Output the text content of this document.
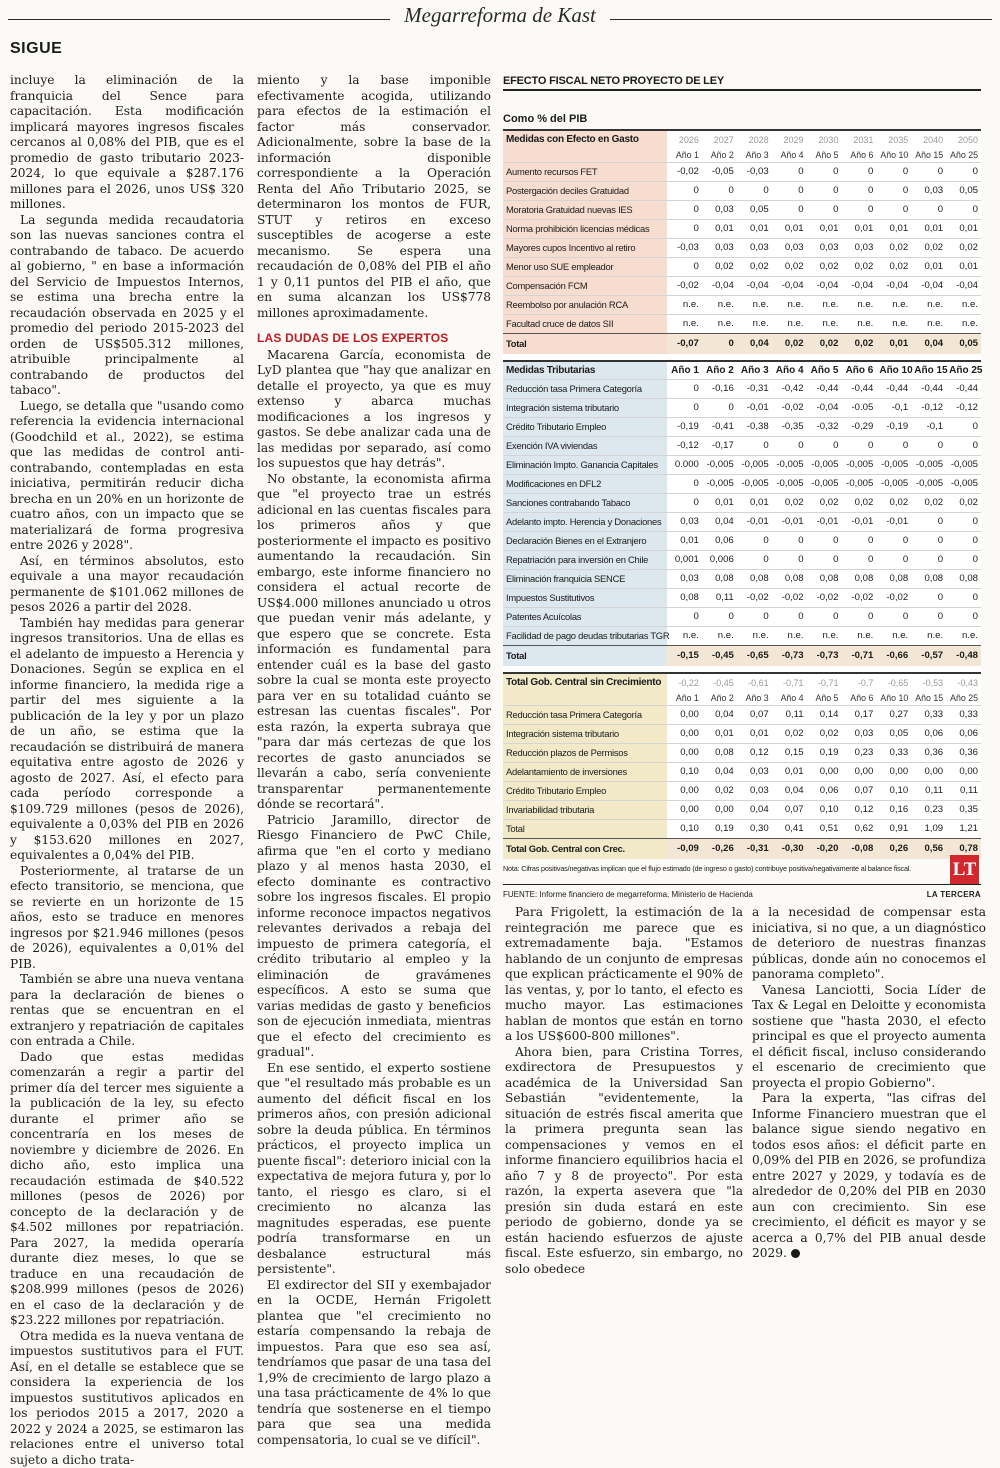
Megarreforma de Kast
SIGUE

incluye la eliminación de la franquicia del Sence para capacitación. Esta modificación implicará mayores ingresos fiscales cercanos al 0,08% del PIB, que es el promedio de gasto tributario 2023-2024, lo que equivale a $287.176 millones para el 2026, unos US$ 320 millones.

La segunda medida recaudatoria son las nuevas sanciones contra el contrabando de tabaco. De acuerdo al gobierno, " en base a información del Servicio de Impuestos Internos, se estima una brecha entre la recaudación observada en 2025 y el promedio del periodo 2015-2023 del orden de US$505.312 millones, atribuible principalmente al contrabando de productos del tabaco".

Luego, se detalla que "usando como referencia la evidencia internacional (Goodchild et al., 2022), se estima que las medidas de control anti-contrabando, contempladas en esta iniciativa, permitirán reducir dicha brecha en un 20% en un horizonte de cuatro años, con un impacto que se materializará de forma progresiva entre 2026 y 2028".

Así, en términos absolutos, esto equivale a una mayor recaudación permanente de $101.062 millones de pesos 2026 a partir del 2028.

También hay medidas para generar ingresos transitorios. Una de ellas es el adelanto de impuesto a Herencia y Donaciones. Según se explica en el informe financiero, la medida rige a partir del mes siguiente a la publicación de la ley y por un plazo de un año, se estima que la recaudación se distribuirá de manera equitativa entre agosto de 2026 y agosto de 2027. Así, el efecto para cada período corresponde a $109.729 millones (pesos de 2026), equivalente a 0,03% del PIB en 2026 y $153.620 millones en 2027, equivalentes a 0,04% del PIB.

Posteriormente, al tratarse de un efecto transitorio, se menciona, que se revierte en un horizonte de 15 años, esto se traduce en menores ingresos por $21.946 millones (pesos de 2026), equivalentes a 0,01% del PIB.

También se abre una nueva ventana para la declaración de bienes o rentas que se encuentran en el extranjero y repatriación de capitales con entrada a Chile.

Dado que estas medidas comenzarán a regir a partir del primer día del tercer mes siguiente a la publicación de la ley, su efecto durante el primer año se concentraría en los meses de noviembre y diciembre de 2026. En dicho año, esto implica una recaudación estimada de $40.522 millones (pesos de 2026) por concepto de la declaración y de $4.502 millones por repatriación. Para 2027, la medida operaría durante diez meses, lo que se traduce en una recaudación de $208.999 millones (pesos de 2026) en el caso de la declaración y de $23.222 millones por repatriación.

Otra medida es la nueva ventana de impuestos sustitutivos para el FUT. Así, en el detalle se establece que se considera la experiencia de los impuestos sustitutivos aplicados en los periodos 2015 a 2017, 2020 a 2022 y 2024 a 2025, se estimaron las relaciones entre el universo total sujeto a dicho trata-

miento y la base imponible efectivamente acogida, utilizando para efectos de la estimación el factor más conservador. Adicionalmente, sobre la base de la información disponible correspondiente a la Operación Renta del Año Tributario 2025, se determinaron los montos de FUR, STUT y retiros en exceso susceptibles de acogerse a este mecanismo. Se espera una recaudación de 0,08% del PIB el año 1 y 0,11 puntos del PIB el año, que en suma alcanzan los US$778 millones aproximadamente.

LAS DUDAS DE LOS EXPERTOS

Macarena García, economista de LyD plantea que "hay que analizar en detalle el proyecto, ya que es muy extenso y abarca muchas modificaciones a los ingresos y gastos. Se debe analizar cada una de las medidas por separado, así como los supuestos que hay detrás".

No obstante, la economista afirma que "el proyecto trae un estrés adicional en las cuentas fiscales para los primeros años y que posteriormente el impacto es positivo aumentando la recaudación. Sin embargo, este informe financiero no considera el actual recorte de US$4.000 millones anunciado u otros que puedan venir más adelante, y que espero que se concrete. Esta información es fundamental para entender cuál es la base del gasto sobre la cual se monta este proyecto para ver en su totalidad cuánto se estresan las cuentas fiscales". Por esta razón, la experta subraya que "para dar más certezas de que los recortes de gasto anunciados se llevarán a cabo, sería conveniente transparentar permanentemente dónde se recortará".

Patricio Jaramillo, director de Riesgo Financiero de PwC Chile, afirma que "en el corto y mediano plazo y al menos hasta 2030, el efecto dominante es contractivo sobre los ingresos fiscales. El propio informe reconoce impactos negativos relevantes derivados a rebaja del impuesto de primera categoría, el crédito tributario al empleo y la eliminación de gravámenes específicos. A esto se suma que varias medidas de gasto y beneficios son de ejecución inmediata, mientras que el efecto del crecimiento es gradual".

En ese sentido, el experto sostiene que "el resultado más probable es un aumento del déficit fiscal en los primeros años, con presión adicional sobre la deuda pública. En términos prácticos, el proyecto implica un puente fiscal": deterioro inicial con la expectativa de mejora futura y, por lo tanto, el riesgo es claro, si el crecimiento no alcanza las magnitudes esperadas, ese puente podría transformarse en un desbalance estructural más persistente".

El exdirector del SII y exembajador en la OCDE, Hernán Frigolett plantea que "el crecimiento no estaría compensando la rebaja de impuestos. Para que eso sea así, tendríamos que pasar de una tasa del 1,9% de crecimiento de largo plazo a una tasa prácticamente de 4% lo que tendría que sostenerse en el tiempo para que sea una medida compensatoria, lo cual se ve difícil".

EFECTO FISCAL NETO PROYECTO DE LEY
Como % del PIB
Medidas con Efecto en Gasto	2026	2027	2028	2029	2030	2031	2035	2040	2050
	Año 1	Año 2	Año 3	Año 4	Año 5	Año 6	Año 10	Año 15	Año 25
Aumento recursos FET	-0,02	-0,05	-0,03	0	0	0	0	0	0
Postergación deciles Gratuidad	0	0	0	0	0	0	0	0,03	0,05
Moratoria Gratuidad nuevas IES	0	0,03	0,05	0	0	0	0	0	0
Norma prohibición licencias médicas	0	0,01	0,01	0,01	0,01	0,01	0,01	0,01	0,01
Mayores cupos Incentivo al retiro	-0,03	0,03	0,03	0,03	0,03	0,03	0,02	0,02	0,02
Menor uso SUE empleador	0	0,02	0,02	0,02	0,02	0,02	0,02	0,01	0,01
Compensación FCM	-0,02	-0,04	-0,04	-0,04	-0,04	-0,04	-0,04	-0,04	-0,04
Reembolso por anulación RCA	n.e.	n.e.	n.e.	n.e.	n.e.	n.e.	n.e.	n.e.	n.e.
Facultad cruce de datos SII	n.e.	n.e.	n.e.	n.e.	n.e.	n.e.	n.e.	n.e.	n.e.
Total	-0,07	0	0,04	0,02	0,02	0,02	0,01	0,04	0,05

Medidas Tributarias	Año 1	Año 2	Año 3	Año 4	Año 5	Año 6	Año 10	Año 15	Año 25
Reducción tasa Primera Categoría	0	-0,16	-0,31	-0,42	-0,44	-0,44	-0,44	-0,44	-0,44
Integración sistema tributario	0	0	-0,01	-0,02	-0,04	-0.05	-0,1	-0,12	-0,12
Crédito Tributario Empleo	-0,19	-0,41	-0,38	-0,35	-0,32	-0,29	-0,19	-0,1	0
Exención IVA viviendas	-0,12	-0,17	0	0	0	0	0	0	0
Eliminación Impto. Ganancia Capitales	0.000	-0,005	-0,005	-0,005	-0,005	-0,005	-0,005	-0,005	-0,005
Modificaciones en DFL2	0	-0,005	-0,005	-0,005	-0,005	-0,005	-0,005	-0,005	-0,005
Sanciones contrabando Tabaco	0	0,01	0,01	0,02	0,02	0,02	0,02	0,02	0,02
Adelanto impto. Herencia y Donaciones	0,03	0,04	-0,01	-0,01	-0,01	-0,01	-0,01	0	0
Declaración Bienes en el Extranjero	0,01	0,06	0	0	0	0	0	0	0
Repatriación para inversión en Chile	0,001	0,006	0	0	0	0	0	0	0
Eliminación franquicia SENCE	0,03	0,08	0,08	0,08	0,08	0,08	0,08	0,08	0,08
Impuestos Sustitutivos	0,08	0,11	-0,02	-0,02	-0,02	-0,02	-0,02	0	0
Patentes Acuícolas	0	0	0	0	0	0	0	0	0
Facilidad de pago deudas tributarias TGR	n.e.	n.e.	n.e.	n.e.	n.e.	n.e.	n.e.	n.e.	n.e.
Total	-0,15	-0,45	-0,65	-0,73	-0,73	-0,71	-0,66	-0,57	-0,48

Total Gob. Central sin Crecimiento	-0,22	-0,45	-0,61	-0,71	-0,71	-0,7	-0,65	-0,53	-0,43
	Año 1	Año 2	Año 3	Año 4	Año 5	Año 6	Año 10	Año 15	Año 25
Reducción tasa Primera Categoría	0,00	0,04	0,07	0,11	0,14	0,17	0,27	0,33	0,33
Integración sistema tributario	0,00	0,01	0,01	0,02	0,02	0,03	0,05	0,06	0,06
Reducción plazos de Permisos	0,00	0,08	0,12	0,15	0,19	0,23	0,33	0,36	0,36
Adelantamiento de inversiones	0,10	0,04	0,03	0,01	0,00	0,00	0,00	0,00	0,00
Crédito Tributario Empleo	0,00	0,02	0,03	0,04	0,06	0,07	0,10	0,11	0,11
Invariabilidad tributaria	0,00	0,00	0,04	0,07	0,10	0,12	0,16	0,23	0,35
Total	0,10	0,19	0,30	0,41	0,51	0,62	0,91	1,09	1,21
Total Gob. Central con Crec.	-0,09	-0,26	-0,31	-0,30	-0,20	-0,08	0,26	0,56	0,78
Nota: Cifras positivas/negativas implican que el flujo estimado (de ingreso o gasto) contribuye positiva/negativamente al balance fiscal.
FUENTE: Informe financiero de megarreforma, Ministerio de Hacienda	LA TERCERA
LT

Para Frigolett, la estimación de la reintegración me parece que es extremadamente baja. "Estamos hablando de un conjunto de empresas que explican prácticamente el 90% de las ventas, y, por lo tanto, el efecto es mucho mayor. Las estimaciones hablan de montos que están en torno a los US$600-800 millones".

Ahora bien, para Cristina Torres, exdirectora de Presupuestos y académica de la Universidad San Sebastián "evidentemente, la situación de estrés fiscal amerita que la primera pregunta sean las compensaciones y vemos en el informe financiero equilibrios hacia el año 7 y 8 de proyecto". Por esta razón, la experta asevera que "la presión sin duda estará en este periodo de gobierno, donde ya se están haciendo esfuerzos de ajuste fiscal. Este esfuerzo, sin embargo, no solo obedece

a la necesidad de compensar esta iniciativa, si no que, a un diagnóstico de deterioro de nuestras finanzas públicas, donde aún no conocemos el panorama completo".

Vanesa Lanciotti, Socia Líder de Tax & Legal en Deloitte y economista sostiene que "hasta 2030, el efecto principal es que el proyecto aumenta el déficit fiscal, incluso considerando el escenario de crecimiento que proyecta el propio Gobierno".

Para la experta, "las cifras del Informe Financiero muestran que el balance sigue siendo negativo en todos esos años: el déficit parte en 0,09% del PIB en 2026, se profundiza entre 2027 y 2029, y todavía es de alrededor de 0,20% del PIB en 2030 aun con crecimiento. Sin ese crecimiento, el déficit es mayor y se acerca a 0,7% del PIB anual desde 2029.
